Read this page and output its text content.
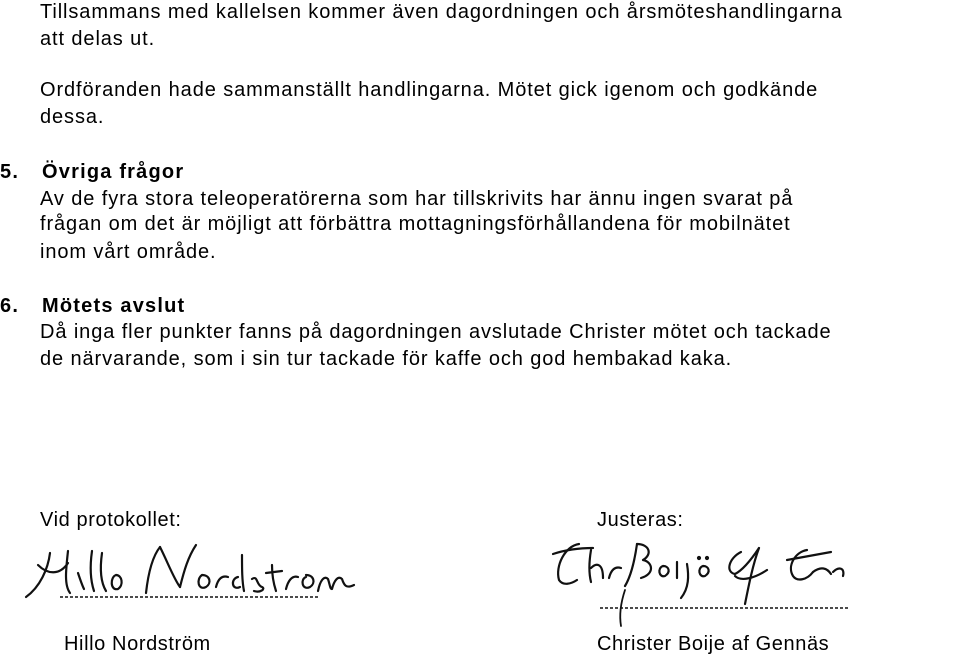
Tillsammans med kallelsen kommer även dagordningen och årsmöteshandlingarna
att delas ut.
Ordföranden hade sammanställt handlingarna. Mötet gick igenom och godkände
dessa.
5. Övriga frågor
Av de fyra stora teleoperatörerna som har tillskrivits har ännu ingen svarat på
frågan om det är möjligt att förbättra mottagningsförhållandena för mobilnätet
inom vårt område.
6. Mötets avslut
Då inga fler punkter fanns på dagordningen avslutade Christer mötet och tackade
de närvarande, som i sin tur tackade för kaffe och god hembakad kaka.
Vid protokollet:
Hillo Nordström
Justeras:
Christer Boije af Gennäs
